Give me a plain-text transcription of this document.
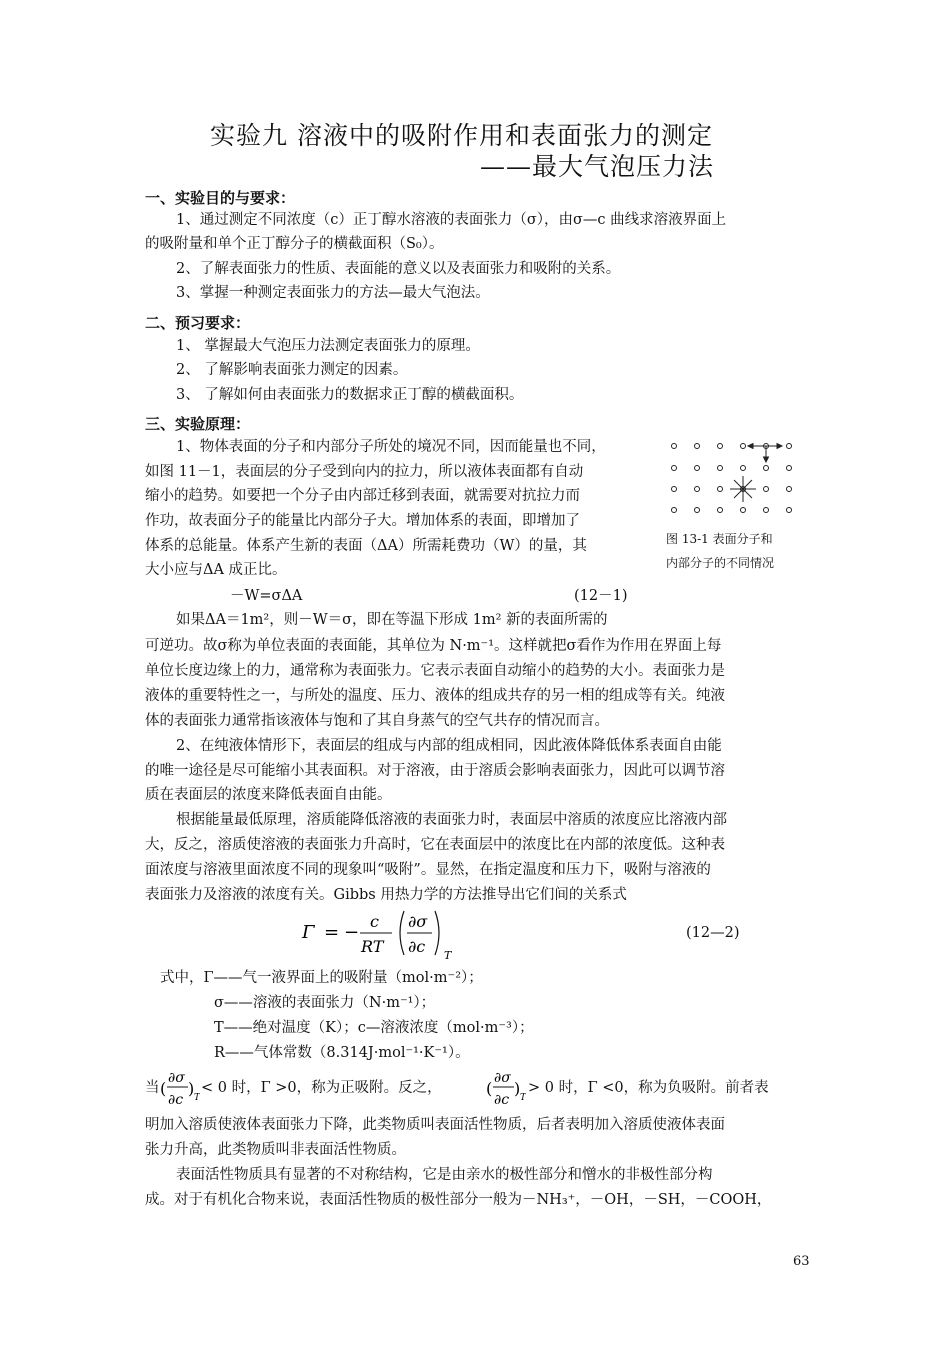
实验九 溶液中的吸附作用和表面张力的测定
——最大气泡压力法
一、实验目的与要求：
1、通过测定不同浓度（c）正丁醇水溶液的表面张力（σ），由σ—c 曲线求溶液界面上
的吸附量和单个正丁醇分子的横截面积（S₀）。
2、了解表面张力的性质、表面能的意义以及表面张力和吸附的关系。
3、掌握一种测定表面张力的方法—最大气泡法。
二、预习要求：
1、 掌握最大气泡压力法测定表面张力的原理。
2、 了解影响表面张力测定的因素。
3、 了解如何由表面张力的数据求正丁醇的横截面积。
三、实验原理：
1、物体表面的分子和内部分子所处的境况不同，因而能量也不同，
如图 11－1，表面层的分子受到向内的拉力，所以液体表面都有自动
缩小的趋势。如要把一个分子由内部迁移到表面，就需要对抗拉力而
作功，故表面分子的能量比内部分子大。增加体系的表面，即增加了
体系的总能量。体系产生新的表面（ΔA）所需耗费功（W）的量，其
大小应与ΔA 成正比。
图 13-1 表面分子和
内部分子的不同情况
－W=σΔA	(12－1)
如果ΔA＝1m²，则－W＝σ，即在等温下形成 1m² 新的表面所需的
可逆功。故σ称为单位表面的表面能，其单位为 N·m⁻¹。这样就把σ看作为作用在界面上每
单位长度边缘上的力，通常称为表面张力。它表示表面自动缩小的趋势的大小。表面张力是
液体的重要特性之一，与所处的温度、压力、液体的组成共存的另一相的组成等有关。纯液
体的表面张力通常指该液体与饱和了其自身蒸气的空气共存的情况而言。
2、在纯液体情形下，表面层的组成与内部的组成相同，因此液体降低体系表面自由能
的唯一途径是尽可能缩小其表面积。对于溶液，由于溶质会影响表面张力，因此可以调节溶
质在表面层的浓度来降低表面自由能。
根据能量最低原理，溶质能降低溶液的表面张力时，表面层中溶质的浓度应比溶液内部
大，反之，溶质使溶液的表面张力升高时，它在表面层中的浓度比在内部的浓度低。这种表
面浓度与溶液里面浓度不同的现象叫“吸附”。显然，在指定温度和压力下，吸附与溶液的
表面张力及溶液的浓度有关。Gibbs 用热力学的方法推导出它们间的关系式
Γ = −
c
RT
∂σ
∂c T
(12—2)
式中，Γ——气一液界面上的吸附量（mol·m⁻²）；
σ——溶液的表面张力（N·m⁻¹）；
T——绝对温度（K）；c—溶液浓度（mol·m⁻³）；
R——气体常数（8.314J·mol⁻¹·K⁻¹）。
当 (
∂σ
∂c
) T
< 0 时，Γ >0，称为正吸附。反之，	(
∂σ
∂c
) T
> 0 时，Γ <0，称为负吸附。前者表
明加入溶质使液体表面张力下降，此类物质叫表面活性物质，后者表明加入溶质使液体表面
张力升高，此类物质叫非表面活性物质。
表面活性物质具有显著的不对称结构，它是由亲水的极性部分和憎水的非极性部分构
成。对于有机化合物来说，表面活性物质的极性部分一般为－NH₃⁺，－OH，－SH，－COOH，
63
